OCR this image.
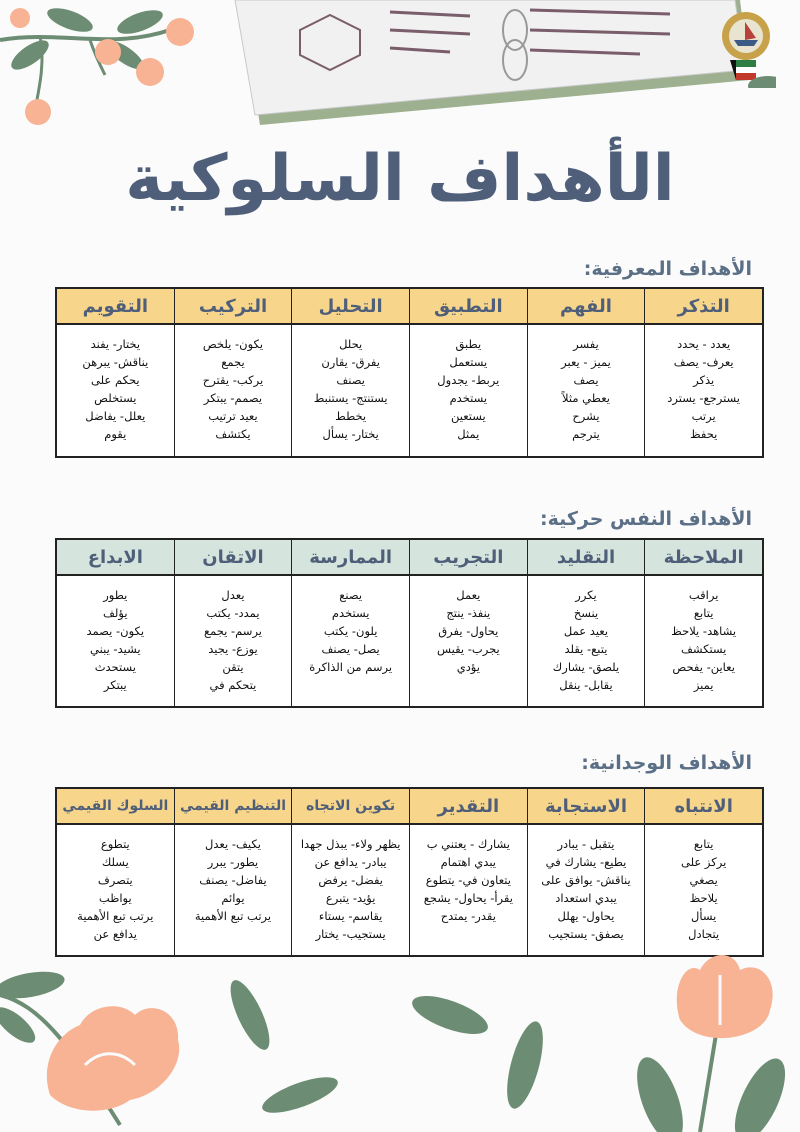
الأهداف السلوكية
الأهداف المعرفية:
التذكر
يعدد - يحدد
يعرف- يصف
يذكر
يسترجع- يسترد
يرتب
يحفظ
الفهم
يفسر
يميز - يعبر
يصف
يعطي مثلاً
يشرح
يترجم
التطبيق
يطبق
يستعمل
يربط- يجدول
يستخدم
يستعين
يمثل
التحليل
يحلل
يفرق- يقارن
يصنف
يستنتج- يستنبط
يخطط
يختار- يسأل
التركيب
يكون- يلخص
يجمع
يركب- يقترح
يصمم- يبتكر
يعيد ترتيب
يكتشف
التقويم
يختار- يفند
يناقش- يبرهن
يحكم على
يستخلص
يعلل- يفاضل
يقوم
الأهداف النفس حركية:
الملاحظة
يراقب
يتابع
يشاهد- يلاحظ
يستكشف
يعاين- يفحص
يميز
التقليد
يكرر
ينسخ
يعيد عمل
يتبع- يقلد
يلصق- يشارك
يقابل- ينقل
التجريب
يعمل
ينفذ- ينتج
يحاول- يفرق
يجرب- يقيس
يؤدي
الممارسة
يصنع
يستخدم
يلون- يكتب
يصل- يصنف
يرسم من الذاكرة
الاتقان
يعدل
يمدد- يكتب
يرسم- يجمع
يوزع- يجيد
يتقن
يتحكم في
الابداع
يطور
يؤلف
يكون- يصمد
يشيد- يبني
يستحدث
يبتكر
الأهداف الوجدانية:
الانتباه
يتابع
يركز على
يصغي
يلاحظ
يسأل
يتجادل
الاستجابة
يتقبل - يبادر
يطيع- يشارك في
يناقش- يوافق على
يبدي استعداد
يحاول- يهلل
يصفق- يستجيب
التقدير
يشارك - يعتني ب
يبدي اهتمام
يتعاون في- يتطوع
يقرأ- يحاول- يشجع
يقدر- يمتدح
تكوين الاتجاه
يظهر ولاء- يبذل جهدا
يبادر- يدافع عن
يفضل- يرفض
يؤيد- يتبرع
يقاسم- يستاء
يستجيب- يختار
التنظيم القيمي
يكيف- يعدل
يطور- يبرر
يفاضل- يصنف
يوائم
يرتب تبع الأهمية
السلوك القيمي
يتطوع
يسلك
يتصرف
يواظب
يرتب تبع الأهمية
يدافع عن
